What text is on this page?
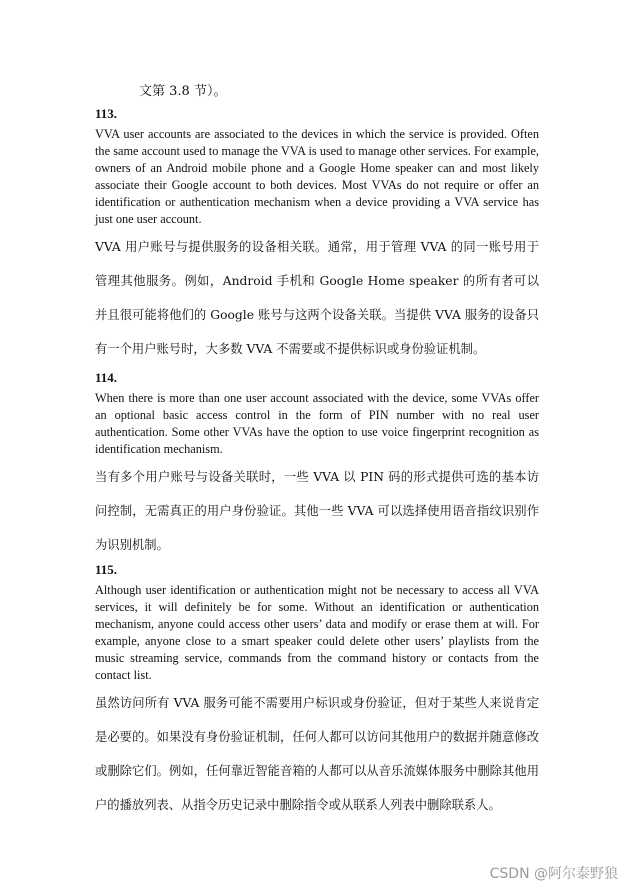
文第 3.8 节）。
113.

VVA user accounts are associated to the devices in which the service is provided. Often the same account used to manage the VVA is used to manage other services. For example, owners of an Android mobile phone and a Google Home speaker can and most likely associate their Google account to both devices. Most VVAs do not require or offer an identification or authentication mechanism when a device providing a VVA service has just one user account.

VVA 用户账号与提供服务的设备相关联。通常，用于管理 VVA 的同一账号用于管理其他服务。例如，Android 手机和 Google Home speaker 的所有者可以并且很可能将他们的 Google 账号与这两个设备关联。当提供 VVA 服务的设备只有一个用户账号时，大多数 VVA 不需要或不提供标识或身份验证机制。

114.

When there is more than one user account associated with the device, some VVAs offer an optional basic access control in the form of PIN number with no real user authentication. Some other VVAs have the option to use voice fingerprint recognition as identification mechanism.

当有多个用户账号与设备关联时，一些 VVA 以 PIN 码的形式提供可选的基本访问控制，无需真正的用户身份验证。其他一些 VVA 可以选择使用语音指纹识别作为识别机制。

115.

Although user identification or authentication might not be necessary to access all VVA services, it will definitely be for some. Without an identification or authentication mechanism, anyone could access other users’ data and modify or erase them at will. For example, anyone close to a smart speaker could delete other users’ playlists from the music streaming service, commands from the command history or contacts from the contact list.

虽然访问所有 VVA 服务可能不需要用户标识或身份验证，但对于某些人来说肯定是必要的。如果没有身份验证机制，任何人都可以访问其他用户的数据并随意修改或删除它们。例如，任何靠近智能音箱的人都可以从音乐流媒体服务中删除其他用户的播放列表、从指令历史记录中删除指令或从联系人列表中删除联系人。

CSDN @阿尔泰野狼
